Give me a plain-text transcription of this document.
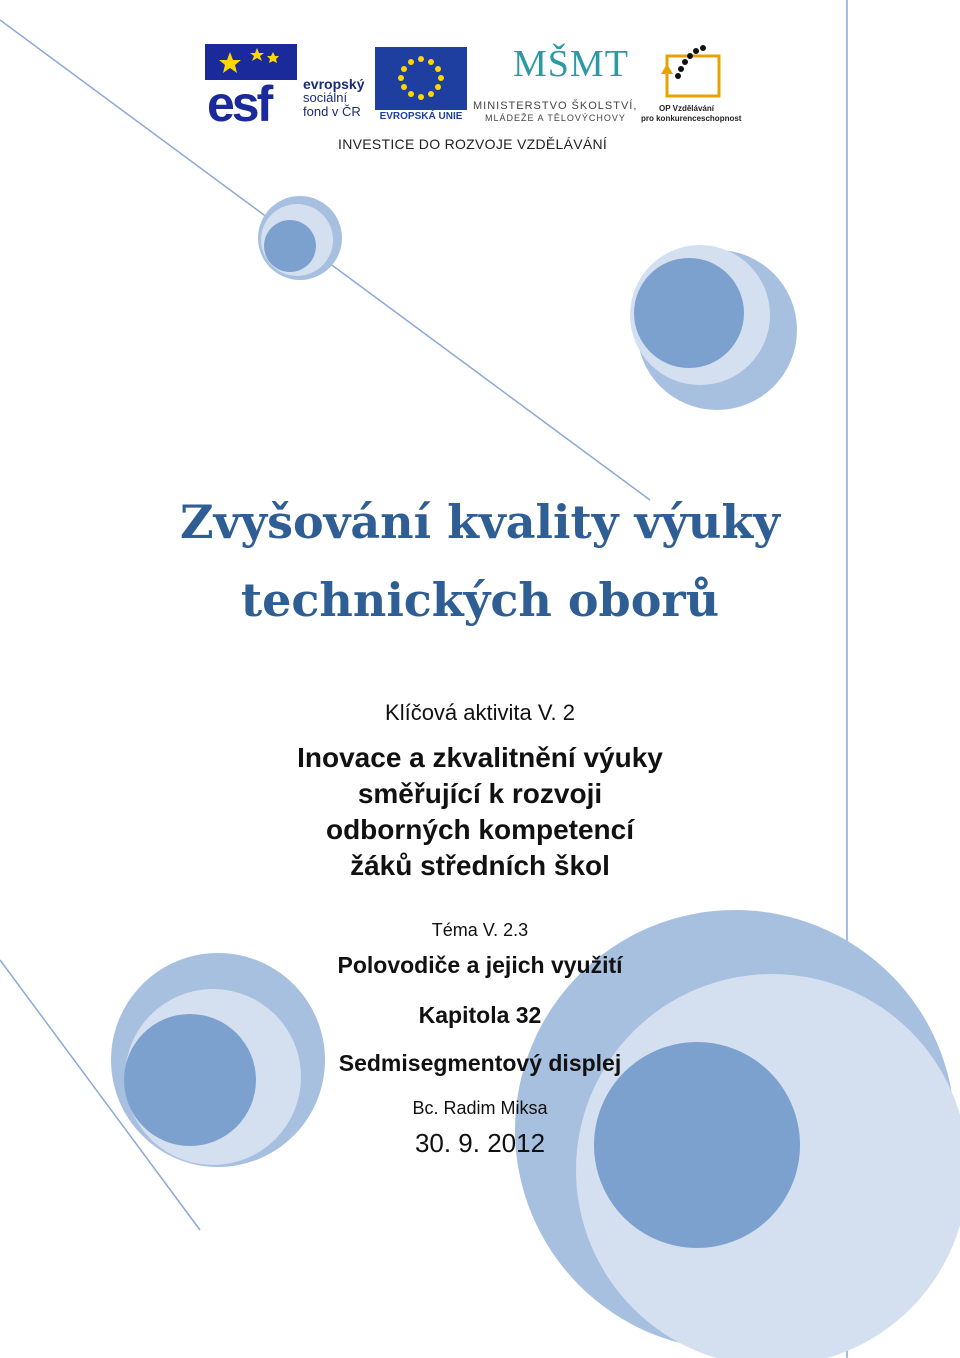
esf evropský
sociální
fond v ČR	EVROPSKÁ UNIE
MŠMT
MINISTERSTVO ŠKOLSTVÍ,
MLÁDEŽE A TĚLOVÝCHOVY
OP Vzdělávání
pro konkurenceschopnost
INVESTICE DO ROZVOJE VZDĚLÁVÁNÍ
Zvyšování kvality výuky
technických oborů
Klíčová aktivita V. 2
Inovace a zkvalitnění výuky
směřující k rozvoji
odborných kompetencí
žáků středních škol
Téma V. 2.3
Polovodiče a jejich využití
Kapitola 32
Sedmisegmentový displej
Bc. Radim Miksa
30. 9. 2012
